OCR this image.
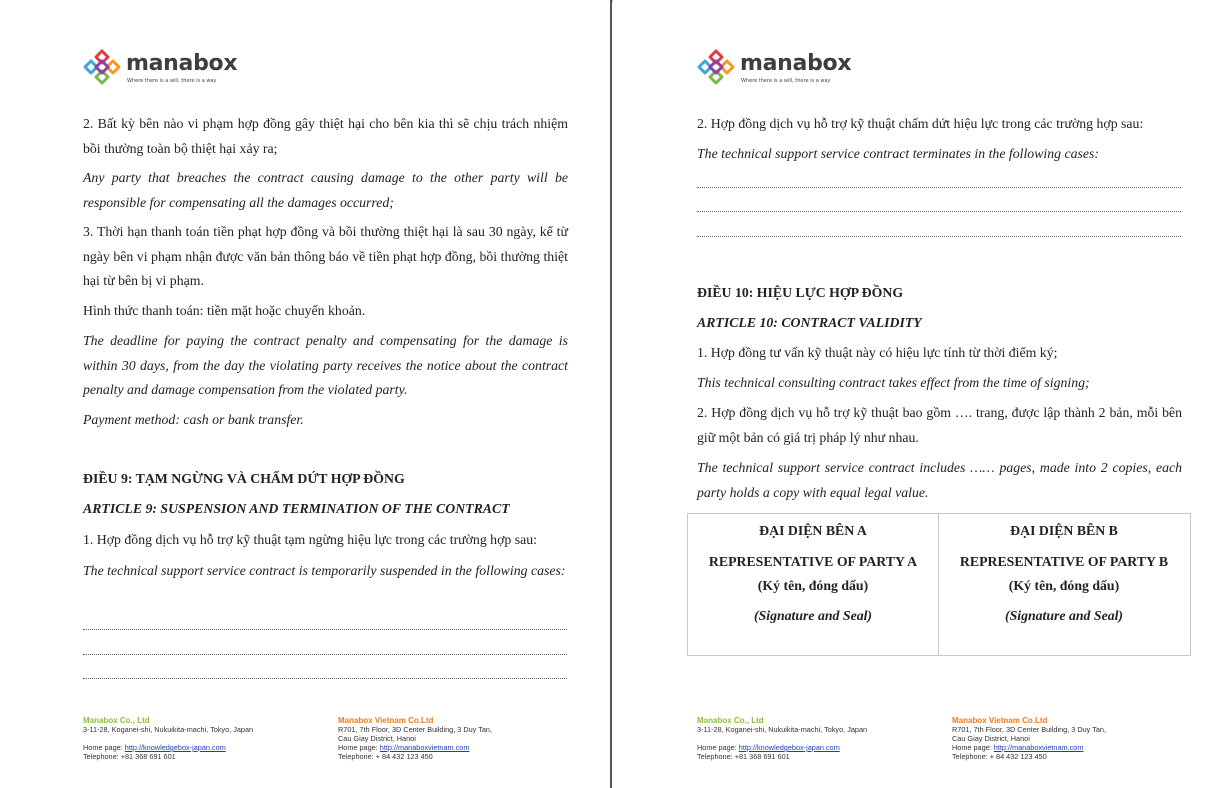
manabox
Where there is a will, there is a way

2. Bất kỳ bên nào vi phạm hợp đồng gây thiệt hại cho bên kia thì sẽ chịu trách nhiệm bồi thường toàn bộ thiệt hại xảy ra;

Any party that breaches the contract causing damage to the other party will be responsible for compensating all the damages occurred;

3. Thời hạn thanh toán tiền phạt hợp đồng và bồi thường thiệt hại là sau 30 ngày, kể từ ngày bên vi phạm nhận được văn bản thông báo về tiền phạt hợp đồng, bồi thường thiệt hại từ bên bị vi phạm.

Hình thức thanh toán: tiền mặt hoặc chuyển khoản.

The deadline for paying the contract penalty and compensating for the damage is within 30 days, from the day the violating party receives the notice about the contract penalty and damage compensation from the violated party.

Payment method: cash or bank transfer.

ĐIỀU 9: TẠM NGỪNG VÀ CHẤM DỨT HỢP ĐỒNG

ARTICLE 9: SUSPENSION AND TERMINATION OF THE CONTRACT

1. Hợp đồng dịch vụ hỗ trợ kỹ thuật tạm ngừng hiệu lực trong các trường hợp sau:

The technical support service contract is temporarily suspended in the following cases:

Manabox Co., Ltd
3-11-28, Koganei-shi, Nukuikita-machi, Tokyo, Japan
Home page: http://knowledgebox-japan.com
Telephone: +81 368 691 601
Manabox Vietnam Co.Ltd
R701, 7th Floor, 3D Center Building, 3 Duy Tan,
Cau Giay District, Hanoi
Home page: http://manaboxvietnam.com
Telephone: + 84 432 123 450
manabox
Where there is a will, there is a way

2. Hợp đồng dịch vụ hỗ trợ kỹ thuật chấm dứt hiệu lực trong các trường hợp sau:

The technical support service contract terminates in the following cases:

ĐIỀU 10: HIỆU LỰC HỢP ĐỒNG

ARTICLE 10: CONTRACT VALIDITY

1. Hợp đồng tư vấn kỹ thuật này có hiệu lực tính từ thời điểm ký;

This technical consulting contract takes effect from the time of signing;

2. Hợp đồng dịch vụ hỗ trợ kỹ thuật bao gồm …. trang, được lập thành 2 bản, mỗi bên giữ một bản có giá trị pháp lý như nhau.

The technical support service contract includes …… pages, made into 2 copies, each party holds a copy with equal legal value.

Manabox Co., Ltd
3-11-28, Koganei-shi, Nukuikita-machi, Tokyo, Japan
Home page: http://knowledgebox-japan.com
Telephone: +81 368 691 601
Manabox Vietnam Co.Ltd
R701, 7th Floor, 3D Center Building, 3 Duy Tan,
Cau Giay District, Hanoi
Home page: http://manaboxvietnam.com
Telephone: + 84 432 123 450
ĐẠI DIỆN BÊN A
REPRESENTATIVE OF PARTY A
(Ký tên, đóng dấu)
(Signature and Seal)
ĐẠI DIỆN BÊN B
REPRESENTATIVE OF PARTY B
(Ký tên, đóng dấu)
(Signature and Seal)
